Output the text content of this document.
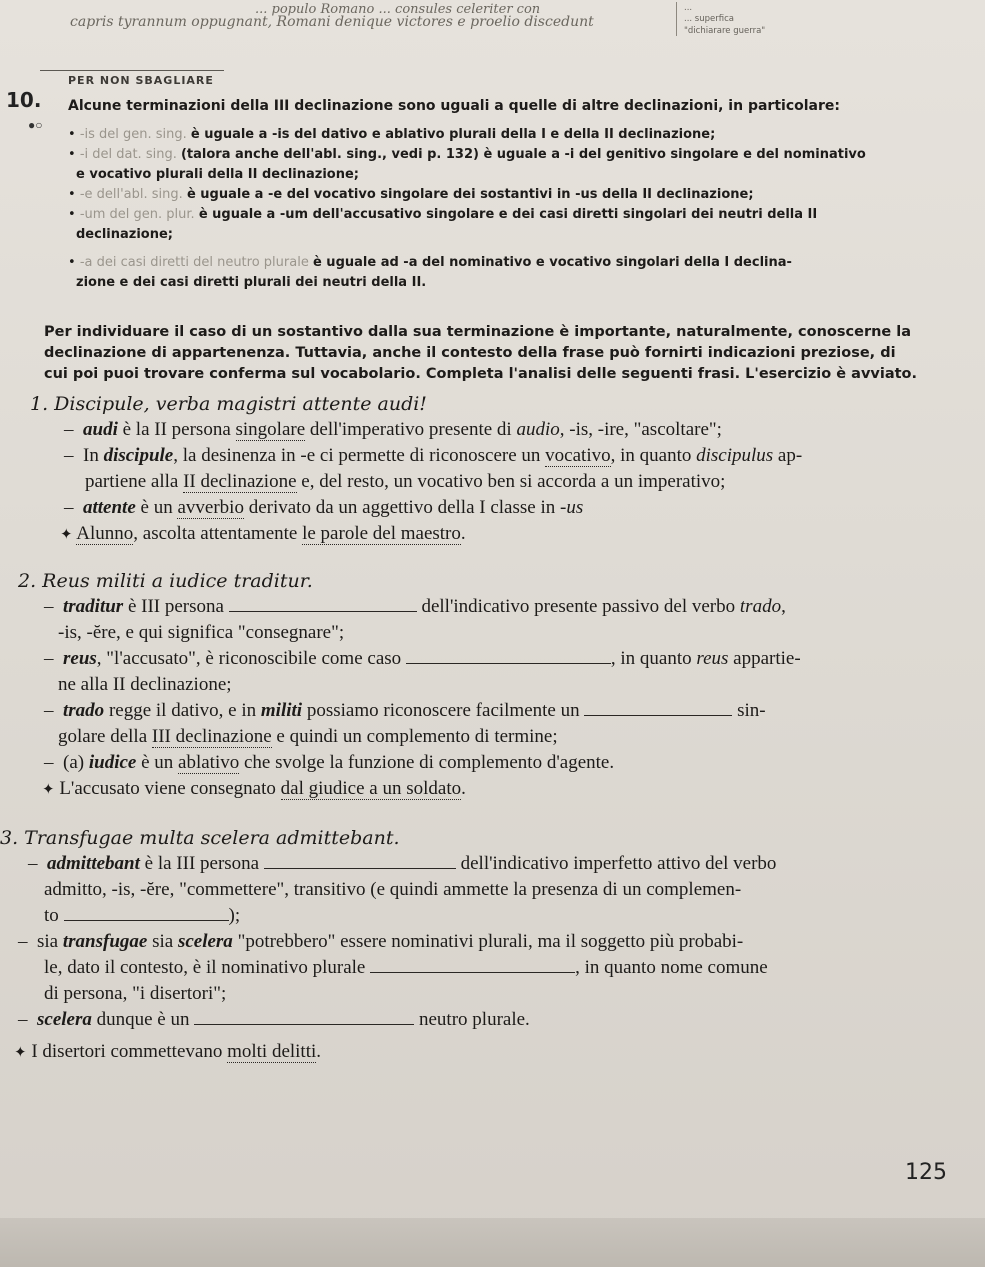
... populo Romano ... consules celeriter con
capris tyrannum oppugnant, Romani denique victores e proelio discedunt
...
... superfica
"dichiarare guerra"
PER NON SBAGLIARE
10.
●○
Alcune terminazioni della III declinazione sono uguali a quelle di altre declinazioni, in particolare:
• -is del gen. sing. è uguale a -is del dativo e ablativo plurali della I e della II declinazione;
• -i del dat. sing. (talora anche dell'abl. sing., vedi p. 132) è uguale a -i del genitivo singolare e del nominativo
e vocativo plurali della II declinazione;
• -e dell'abl. sing. è uguale a -e del vocativo singolare dei sostantivi in -us della II declinazione;
• -um del gen. plur. è uguale a -um dell'accusativo singolare e dei casi diretti singolari dei neutri della II
declinazione;
• -a dei casi diretti del neutro plurale è uguale ad -a del nominativo e vocativo singolari della I declina-
zione e dei casi diretti plurali dei neutri della II.
Per individuare il caso di un sostantivo dalla sua terminazione è importante, naturalmente, conoscerne la
declinazione di appartenenza. Tuttavia, anche il contesto della frase può fornirti indicazioni preziose, di
cui poi puoi trovare conferma sul vocabolario. Completa l'analisi delle seguenti frasi. L'esercizio è avviato.
1. Discipule, verba magistri attente audi!
–  audi è la II persona singolare dell'imperativo presente di audio, -is, -ire, "ascoltare";
–  In discipule, la desinenza in -e ci permette di riconoscere un vocativo, in quanto discipulus ap-
partiene alla II declinazione e, del resto, un vocativo ben si accorda a un imperativo;
–  attente è un avverbio derivato da un aggettivo della I classe in -us
✦ Alunno, ascolta attentamente le parole del maestro.
2. Reus militi a iudice traditur.
–  traditur è III persona	dell'indicativo presente passivo del verbo trado,
-is, -ĕre, e qui significa "consegnare";
–  reus, "l'accusato", è riconoscibile come caso	, in quanto reus appartie-
ne alla II declinazione;
–  trado regge il dativo, e in militi possiamo riconoscere facilmente un	sin-
golare della III declinazione e quindi un complemento di termine;
–  (a) iudice è un ablativo che svolge la funzione di complemento d'agente.
✦ L'accusato viene consegnato dal giudice a un soldato.
3. Transfugae multa scelera admittebant.
–  admittebant è la III persona	dell'indicativo imperfetto attivo del verbo
admitto, -is, -ĕre, "commettere", transitivo (e quindi ammette la presenza di un complemen-
to	);
–  sia transfugae sia scelera "potrebbero" essere nominativi plurali, ma il soggetto più probabi-
le, dato il contesto, è il nominativo plurale	, in quanto nome comune
di persona, "i disertori";
–  scelera dunque è un	neutro plurale.
✦ I disertori commettevano molti delitti.
125
